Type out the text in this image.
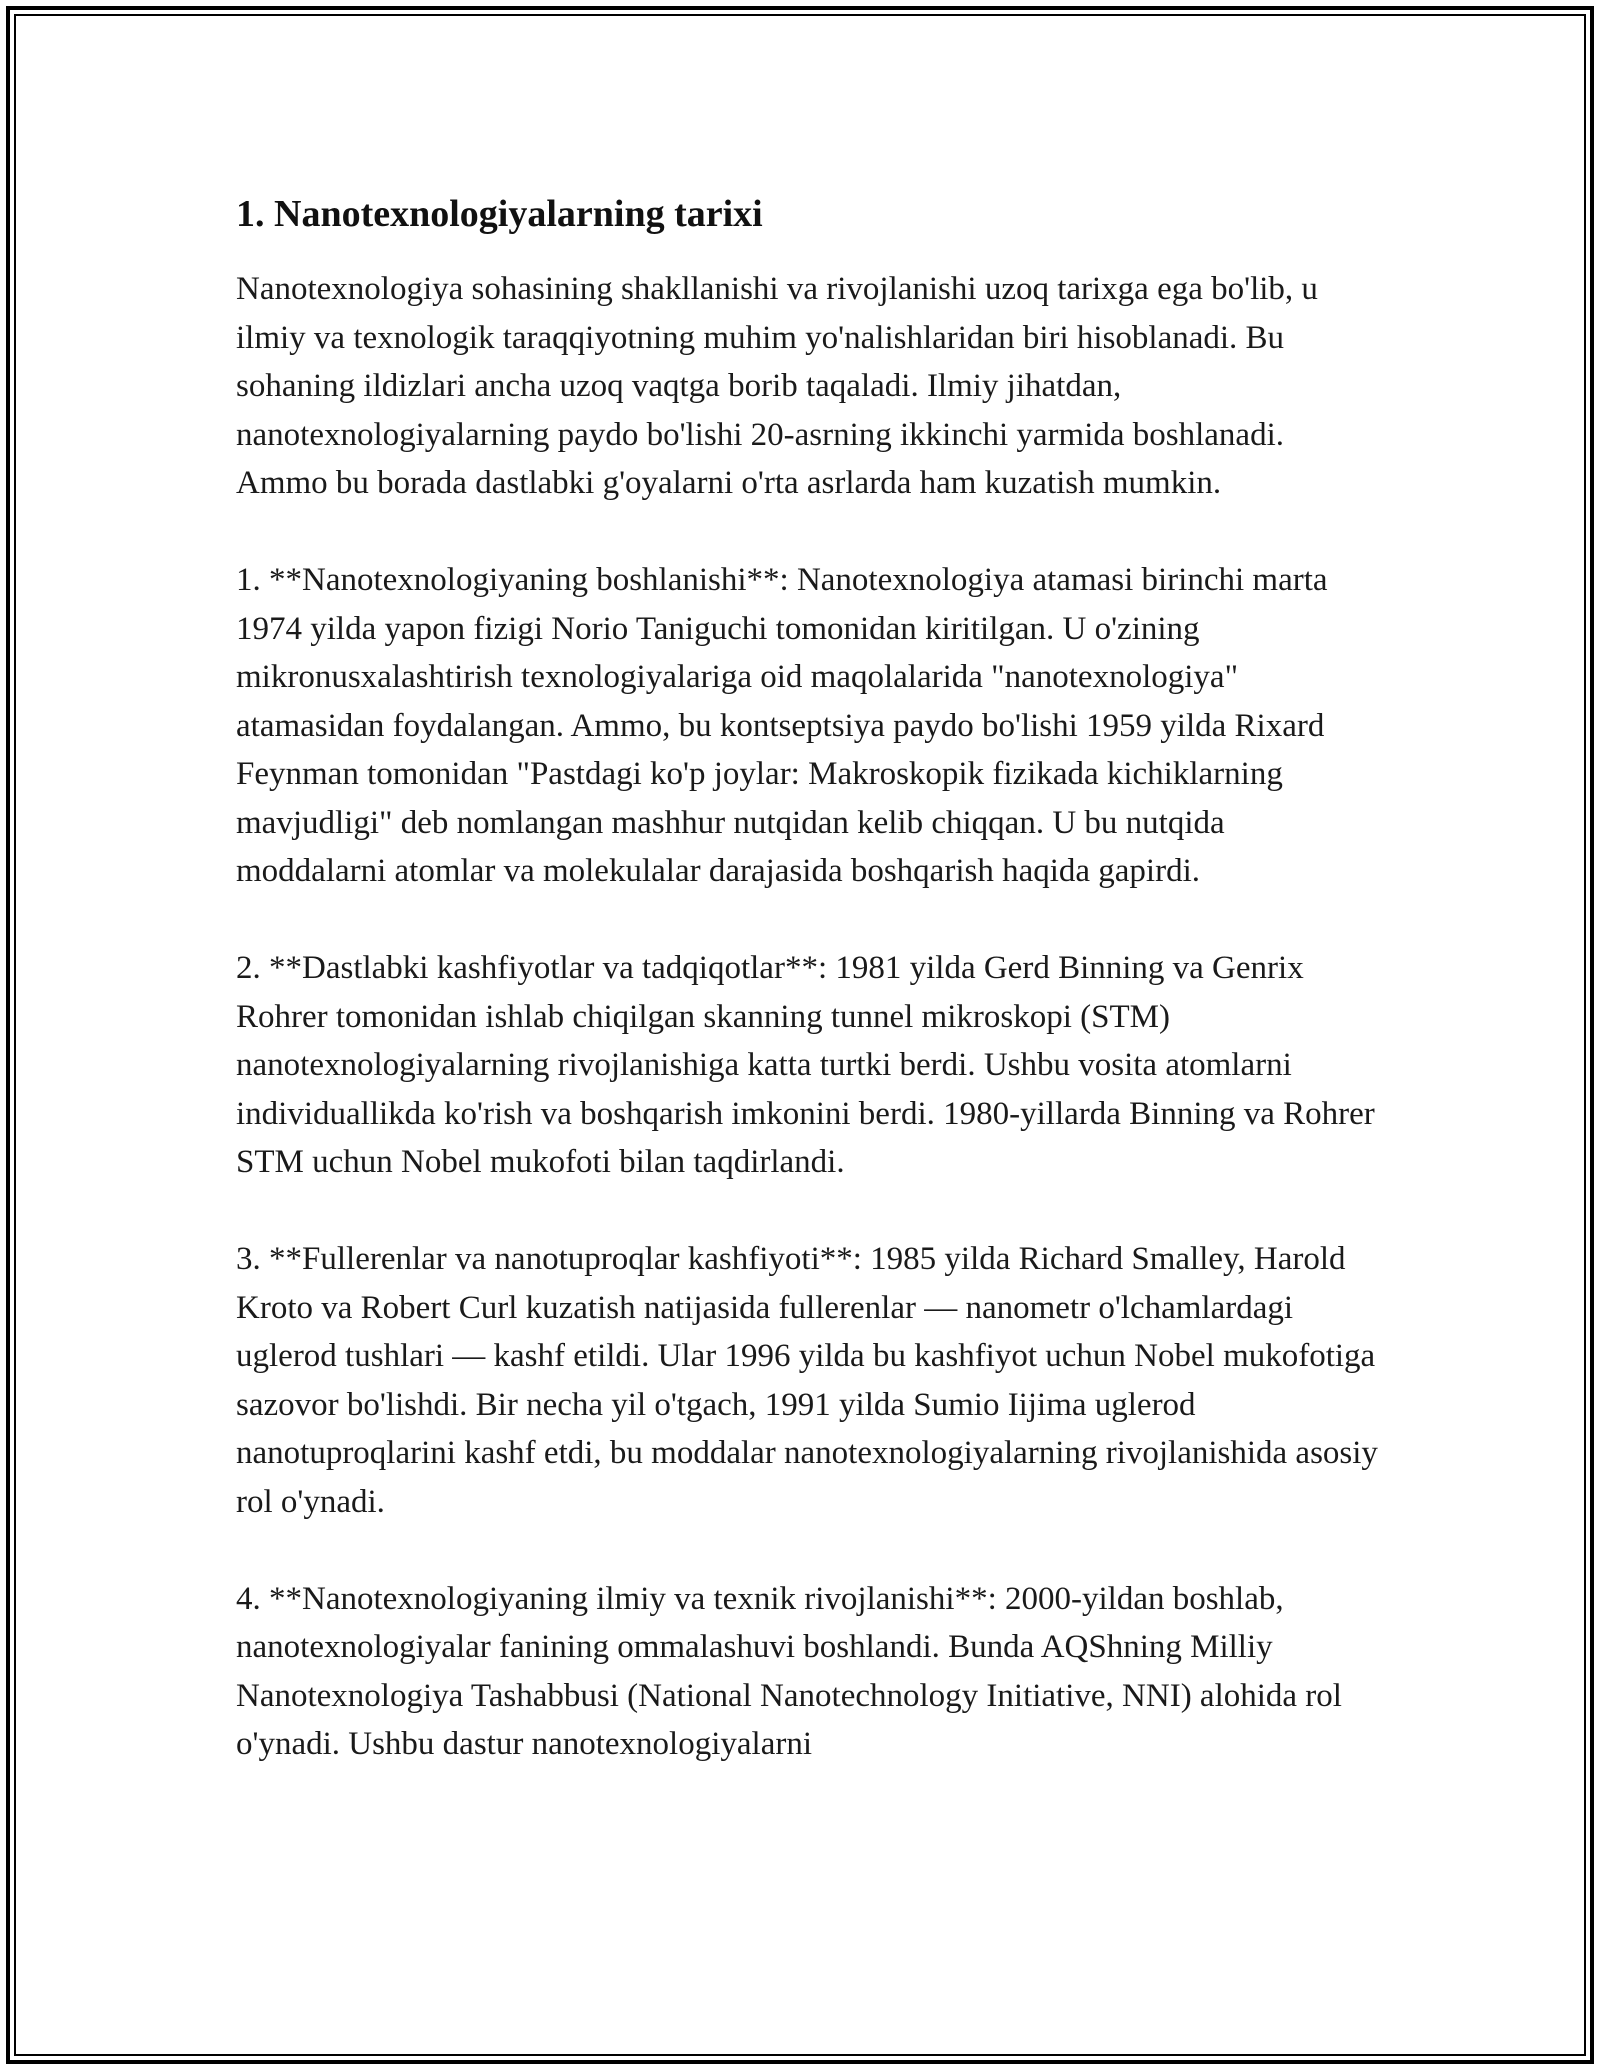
1. Nanotexnologiyalarning tarixi

Nanotexnologiya sohasining shakllanishi va rivojlanishi uzoq tarixga ega bo'lib, u ilmiy va texnologik taraqqiyotning muhim yo'nalishlaridan biri hisoblanadi. Bu sohaning ildizlari ancha uzoq vaqtga borib taqaladi. Ilmiy jihatdan, nanotexnologiyalarning paydo bo'lishi 20-asrning ikkinchi yarmida boshlanadi. Ammo bu borada dastlabki g'oyalarni o'rta asrlarda ham kuzatish mumkin.

1. **Nanotexnologiyaning boshlanishi**: Nanotexnologiya atamasi birinchi marta 1974 yilda yapon fizigi Norio Taniguchi tomonidan kiritilgan. U o'zining mikronusxalashtirish texnologiyalariga oid maqolalarida "nanotexnologiya" atamasidan foydalangan. Ammo, bu kontseptsiya paydo bo'lishi 1959 yilda Rixard Feynman tomonidan "Pastdagi ko'p joylar: Makroskopik fizikada kichiklarning mavjudligi" deb nomlangan mashhur nutqidan kelib chiqqan. U bu nutqida moddalarni atomlar va molekulalar darajasida boshqarish haqida gapirdi.

2. **Dastlabki kashfiyotlar va tadqiqotlar**: 1981 yilda Gerd Binning va Genrix Rohrer tomonidan ishlab chiqilgan skanning tunnel mikroskopi (STM) nanotexnologiyalarning rivojlanishiga katta turtki berdi. Ushbu vosita atomlarni individuallikda ko'rish va boshqarish imkonini berdi. 1980-yillarda Binning va Rohrer STM uchun Nobel mukofoti bilan taqdirlandi.

3. **Fullerenlar va nanotuproqlar kashfiyoti**: 1985 yilda Richard Smalley, Harold Kroto va Robert Curl kuzatish natijasida fullerenlar — nanometr o'lchamlardagi uglerod tushlari — kashf etildi. Ular 1996 yilda bu kashfiyot uchun Nobel mukofotiga sazovor bo'lishdi. Bir necha yil o'tgach, 1991 yilda Sumio Iijima uglerod nanotuproqlarini kashf etdi, bu moddalar nanotexnologiyalarning rivojlanishida asosiy rol o'ynadi.

4. **Nanotexnologiyaning ilmiy va texnik rivojlanishi**: 2000-yildan boshlab, nanotexnologiyalar fanining ommalashuvi boshlandi. Bunda AQShning Milliy Nanotexnologiya Tashabbusi (National Nanotechnology Initiative, NNI) alohida rol o'ynadi. Ushbu dastur nanotexnologiyalarni
